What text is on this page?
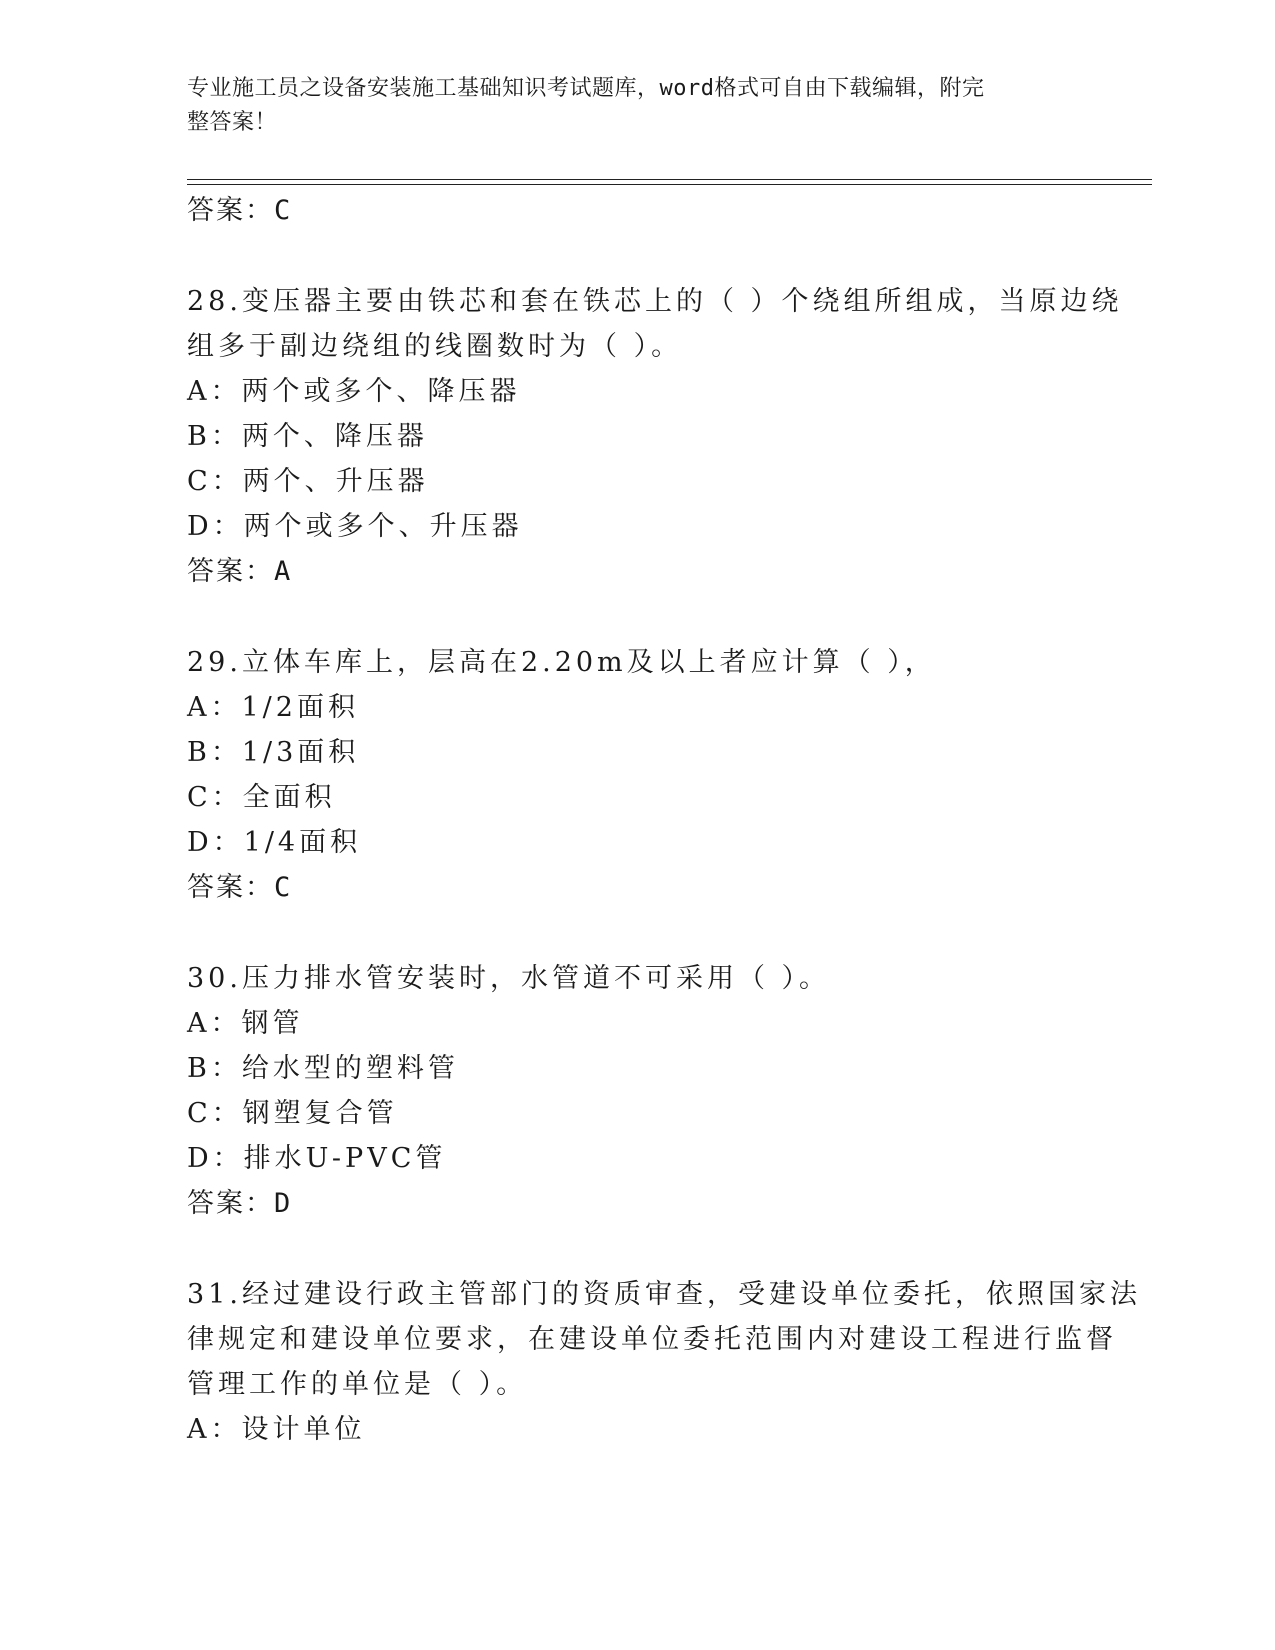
专业施工员之设备安装施工基础知识考试题库，word格式可自由下载编辑，附完
整答案！
答案：C
28.变压器主要由铁芯和套在铁芯上的（ ）个绕组所组成，当原边绕
组多于副边绕组的线圈数时为（ ）。
A：两个或多个、降压器
B：两个、降压器
C：两个、升压器
D：两个或多个、升压器
答案：A
29.立体车库上，层高在2.20m及以上者应计算（ ），
A：1/2面积
B：1/3面积
C：全面积
D：1/4面积
答案：C
30.压力排水管安装时，水管道不可采用（ ）。
A：钢管
B：给水型的塑料管
C：钢塑复合管
D：排水U-PVC管
答案：D
31.经过建设行政主管部门的资质审查，受建设单位委托，依照国家法
律规定和建设单位要求，在建设单位委托范围内对建设工程进行监督
管理工作的单位是（ ）。
A：设计单位
